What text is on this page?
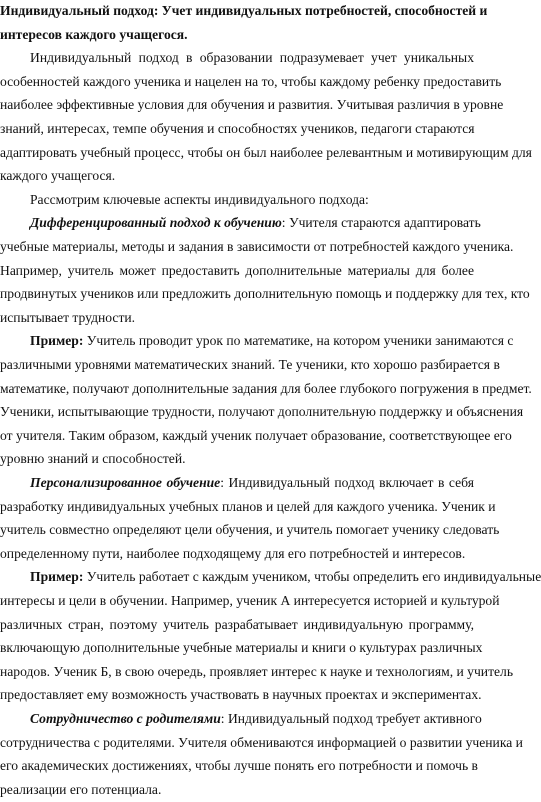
Индивидуальный подход: Учет индивидуальных потребностей, способностей и
интересов каждого учащегося.
Индивидуальный подход в образовании подразумевает учет уникальных
особенностей каждого ученика и нацелен на то, чтобы каждому ребенку предоставить
наиболее эффективные условия для обучения и развития. Учитывая различия в уровне
знаний, интересах, темпе обучения и способностях учеников, педагоги стараются
адаптировать учебный процесс, чтобы он был наиболее релевантным и мотивирующим для
каждого учащегося.
Рассмотрим ключевые аспекты индивидуального подхода:
Дифференцированный подход к обучению: Учителя стараются адаптировать
учебные материалы, методы и задания в зависимости от потребностей каждого ученика.
Например, учитель может предоставить дополнительные материалы для более
продвинутых учеников или предложить дополнительную помощь и поддержку для тех, кто
испытывает трудности.
Пример: Учитель проводит урок по математике, на котором ученики занимаются с
различными уровнями математических знаний. Те ученики, кто хорошо разбирается в
математике, получают дополнительные задания для более глубокого погружения в предмет.
Ученики, испытывающие трудности, получают дополнительную поддержку и объяснения
от учителя. Таким образом, каждый ученик получает образование, соответствующее его
уровню знаний и способностей.
Персонализированное обучение: Индивидуальный подход включает в себя
разработку индивидуальных учебных планов и целей для каждого ученика. Ученик и
учитель совместно определяют цели обучения, и учитель помогает ученику следовать
определенному пути, наиболее подходящему для его потребностей и интересов.
Пример: Учитель работает с каждым учеником, чтобы определить его индивидуальные
интересы и цели в обучении. Например, ученик А интересуется историей и культурой
различных стран, поэтому учитель разрабатывает индивидуальную программу,
включающую дополнительные учебные материалы и книги о культурах различных
народов. Ученик Б, в свою очередь, проявляет интерес к науке и технологиям, и учитель
предоставляет ему возможность участвовать в научных проектах и экспериментах.
Сотрудничество с родителями: Индивидуальный подход требует активного
сотрудничества с родителями. Учителя обмениваются информацией о развитии ученика и
его академических достижениях, чтобы лучше понять его потребности и помочь в
реализации его потенциала.
